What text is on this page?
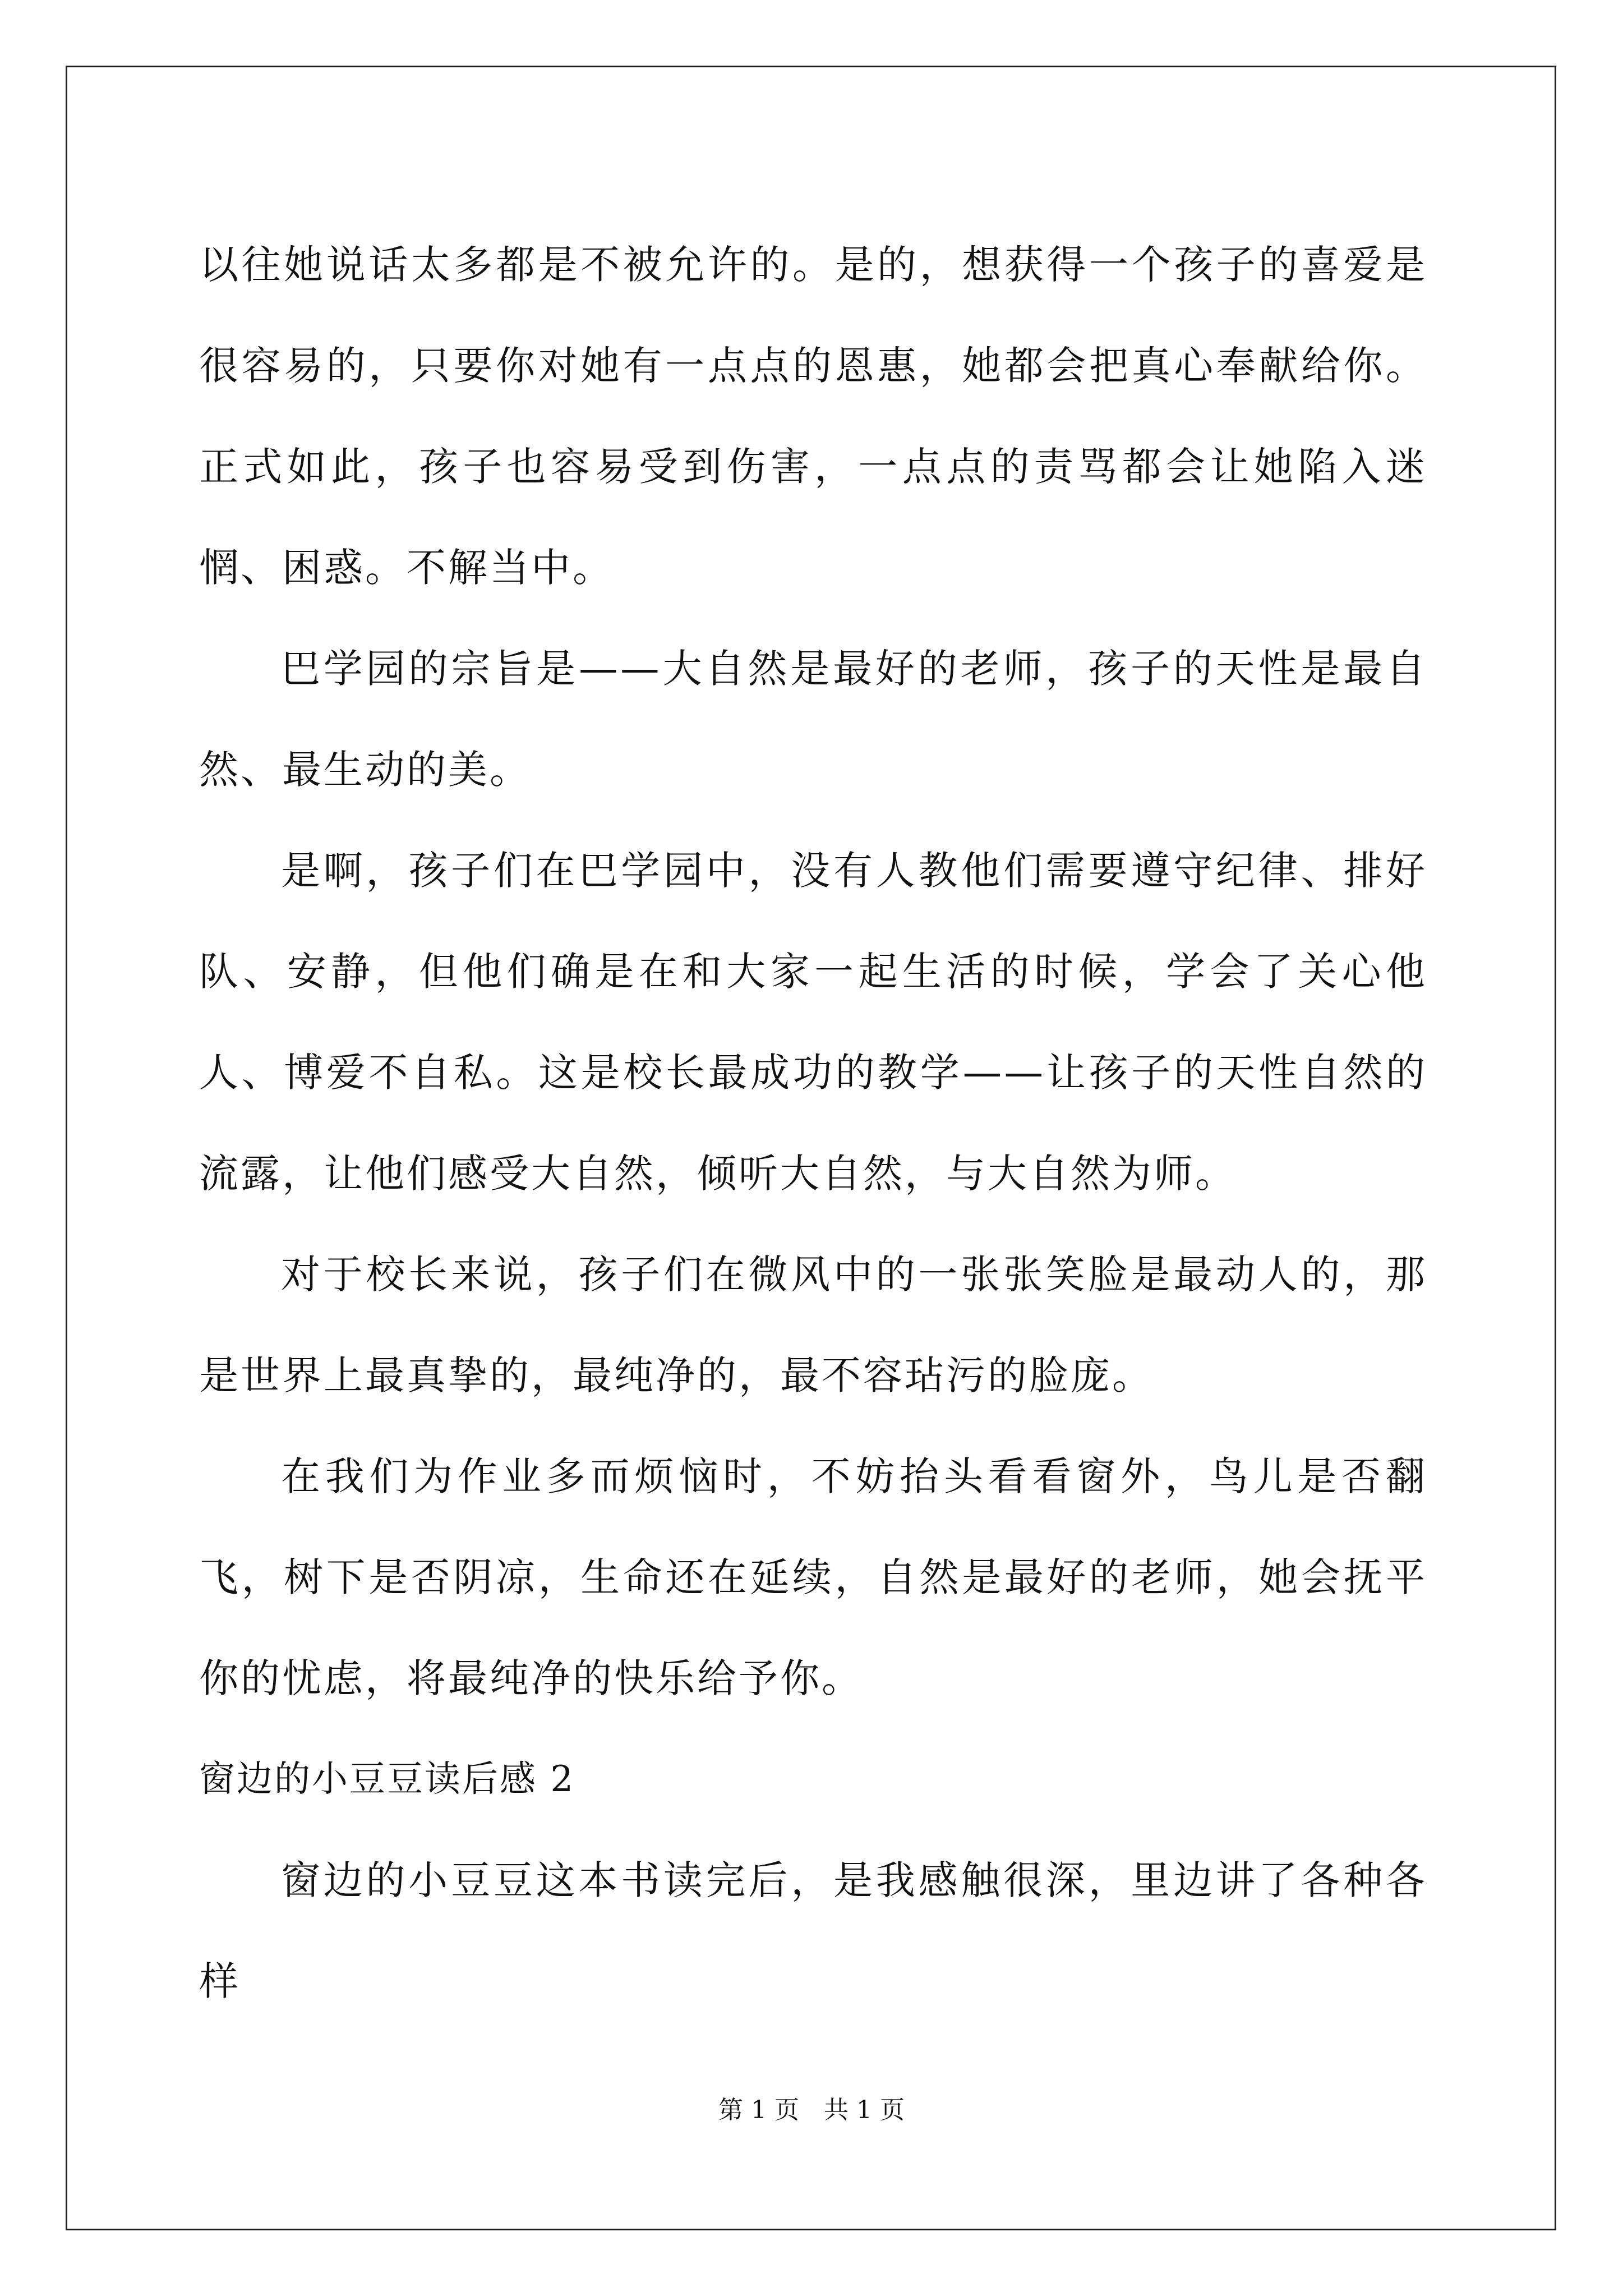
以往她说话太多都是不被允许的。是的，想获得一个孩子的喜爱是很容易的，只要你对她有一点点的恩惠，她都会把真心奉献给你。正式如此，孩子也容易受到伤害，一点点的责骂都会让她陷入迷惘、困惑。不解当中。

巴学园的宗旨是——大自然是最好的老师，孩子的天性是最自然、最生动的美。

是啊，孩子们在巴学园中，没有人教他们需要遵守纪律、排好队、安静，但他们确是在和大家一起生活的时候，学会了关心他人、博爱不自私。这是校长最成功的教学——让孩子的天性自然的流露，让他们感受大自然，倾听大自然，与大自然为师。

对于校长来说，孩子们在微风中的一张张笑脸是最动人的，那是世界上最真挚的，最纯净的，最不容玷污的脸庞。

在我们为作业多而烦恼时，不妨抬头看看窗外，鸟儿是否翻飞，树下是否阴凉，生命还在延续，自然是最好的老师，她会抚平你的忧虑，将最纯净的快乐给予你。

窗边的小豆豆读后感 2

窗边的小豆豆这本书读完后，是我感触很深，里边讲了各种各样

第 1 页　共 1 页
